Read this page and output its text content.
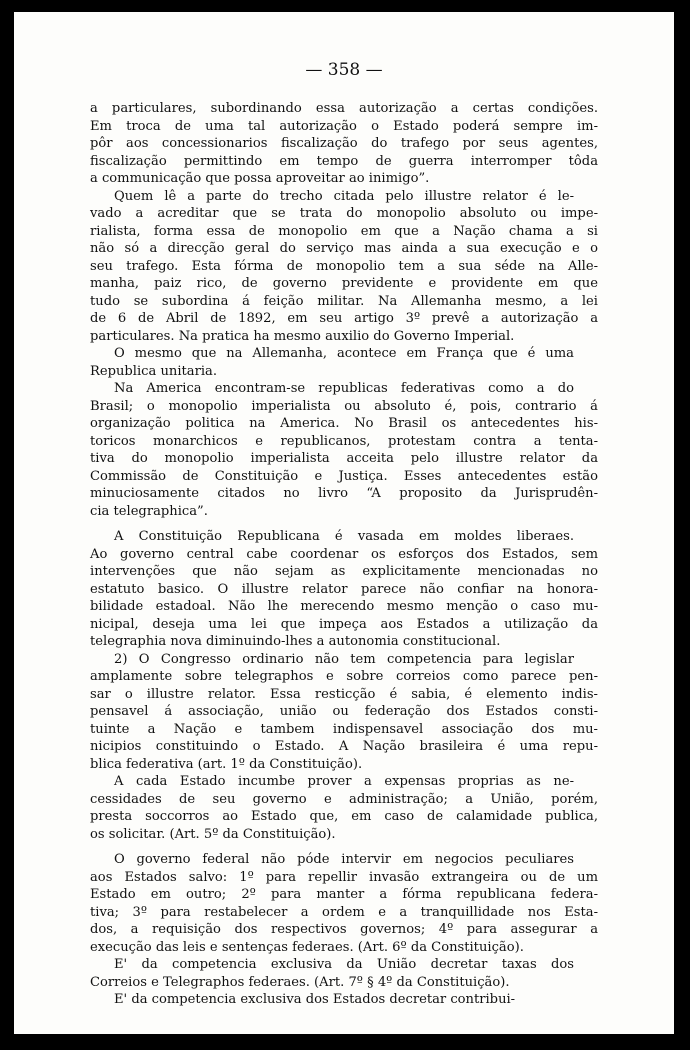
— 358 —
a particulares, subordinando essa autorização a certas condições.
Em troca de uma tal autorização o Estado poderá sempre im-
pôr aos concessionarios fiscalização do trafego por seus agentes,
fiscalização permittindo em tempo de guerra interromper tôda
a communicação que possa aproveitar ao inimigo”.
Quem lê a parte do trecho citada pelo illustre relator é le-
vado a acreditar que se trata do monopolio absoluto ou impe-
rialista, forma essa de monopolio em que a Nação chama a si
não só a direcção geral do serviço mas ainda a sua execução e o
seu trafego. Esta fórma de monopolio tem a sua séde na Alle-
manha, paiz rico, de governo previdente e providente em que
tudo se subordina á feição militar. Na Allemanha mesmo, a lei
de 6 de Abril de 1892, em seu artigo 3º prevê a autorização a
particulares. Na pratica ha mesmo auxilio do Governo Imperial.
O mesmo que na Allemanha, acontece em França que é uma
Republica unitaria.
Na America encontram-se republicas federativas como a do
Brasil; o monopolio imperialista ou absoluto é, pois, contrario á
organização politica na America. No Brasil os antecedentes his-
toricos monarchicos e republicanos, protestam contra a tenta-
tiva do monopolio imperialista acceita pelo illustre relator da
Commissão de Constituição e Justiça. Esses antecedentes estão
minuciosamente citados no livro “A proposito da Jurisprudên-
cia telegraphica”.
A Constituição Republicana é vasada em moldes liberaes.
Ao governo central cabe coordenar os esforços dos Estados, sem
intervenções que não sejam as explicitamente mencionadas no
estatuto basico. O illustre relator parece não confiar na honora-
bilidade estadoal. Não lhe merecendo mesmo menção o caso mu-
nicipal, deseja uma lei que impeça aos Estados a utilização da
telegraphia nova diminuindo-lhes a autonomia constitucional.
2) O Congresso ordinario não tem competencia para legislar
amplamente sobre telegraphos e sobre correios como parece pen-
sar o illustre relator. Essa resticção é sabia, é elemento indis-
pensavel á associação, união ou federação dos Estados consti-
tuinte a Nação e tambem indispensavel associação dos mu-
nicipios constituindo o Estado. A Nação brasileira é uma repu-
blica federativa (art. 1º da Constituição).
A cada Estado incumbe prover a expensas proprias as ne-
cessidades de seu governo e administração; a União, porém,
presta soccorros ao Estado que, em caso de calamidade publica,
os solicitar. (Art. 5º da Constituição).
O governo federal não póde intervir em negocios peculiares
aos Estados salvo: 1º para repellir invasão extrangeira ou de um
Estado em outro; 2º para manter a fórma republicana federa-
tiva; 3º para restabelecer a ordem e a tranquillidade nos Esta-
dos, a requisição dos respectivos governos; 4º para assegurar a
execução das leis e sentenças federaes. (Art. 6º da Constituição).
E' da competencia exclusiva da União decretar taxas dos
Correios e Telegraphos federaes. (Art. 7º § 4º da Constituição).
E' da competencia exclusiva dos Estados decretar contribui-
